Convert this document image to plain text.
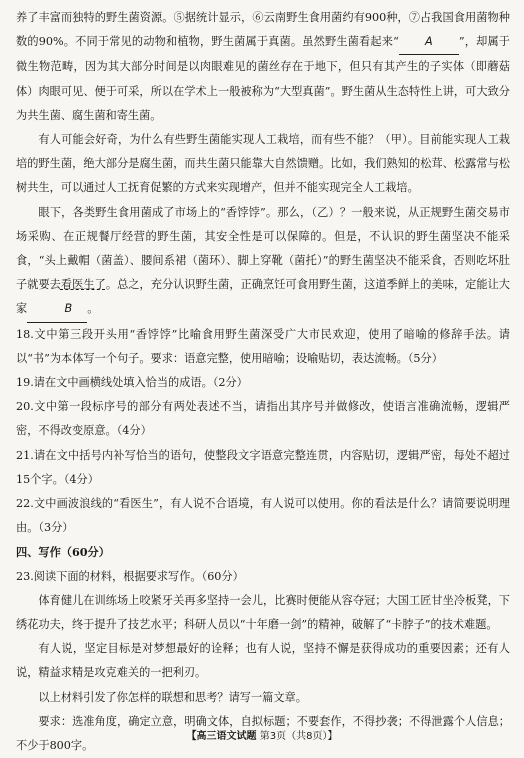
养了丰富而独特的野生菌资源。⑤据统计显示，⑥云南野生食用菌约有900种，⑦占我国食用菌物种数的90%。不同于常见的动物和植物，野生菌属于真菌。虽然野生菌看起来“ A ”，却属于微生物范畴，因为其大部分时间是以肉眼难见的菌丝存在于地下，但只有其产生的子实体（即蘑菇体）肉眼可见、便于可采，所以在学术上一般被称为“大型真菌”。野生菌从生态特性上讲，可大致分为共生菌、腐生菌和寄生菌。

有人可能会好奇，为什么有些野生菌能实现人工栽培，而有些不能？（甲）。目前能实现人工栽培的野生菌，绝大部分是腐生菌，而共生菌只能靠大自然馈赠。比如，我们熟知的松茸、松露常与松树共生，可以通过人工抚育促繁的方式来实现增产，但并不能实现完全人工栽培。

眼下，各类野生食用菌成了市场上的“香饽饽”。那么，（乙）？一般来说，从正规野生菌交易市场采购、在正规餐厅经营的野生菌，其安全性是可以保障的。但是，不认识的野生菌坚决不能采食，“头上戴帽（菌盖）、腰间系裙（菌环）、脚上穿靴（菌托）”的野生菌坚决不能采食，否则吃坏肚子就要去看医生了。总之，充分认识野生菌，正确烹饪可食用野生菌，这道季鲜上的美味，定能让大家	B 。

18.文中第三段开头用“香饽饽”比喻食用野生菌深受广大市民欢迎，使用了暗喻的修辞手法。请以“书”为本体写一个句子。要求：语意完整，使用暗喻；设喻贴切，表达流畅。（5分）

19.请在文中画横线处填入恰当的成语。（2分）

20.文中第一段标序号的部分有两处表述不当，请指出其序号并做修改，使语言准确流畅，逻辑严密，不得改变原意。（4分）

21.请在文中括号内补写恰当的语句，使整段文字语意完整连贯，内容贴切，逻辑严密，每处不超过15个字。（4分）

22.文中画波浪线的“看医生”，有人说不合语境，有人说可以使用。你的看法是什么？请简要说明理由。（3分）

四、写作（60分）

23.阅读下面的材料，根据要求写作。（60分）

体育健儿在训练场上咬紧牙关再多坚持一会儿，比赛时便能从容夺冠；大国工匠甘坐冷板凳，下绣花功夫，终于提升了技艺水平；科研人员以“十年磨一剑”的精神，破解了“卡脖子”的技术难题。

有人说，坚定目标是对梦想最好的诠释；也有人说，坚持不懈是获得成功的重要因素；还有人说，精益求精是攻克难关的一把利刃。

以上材料引发了你怎样的联想和思考？请写一篇文章。

要求：选准角度，确定立意，明确文体，自拟标题；不要套作，不得抄袭；不得泄露个人信息；不少于800字。

【高三语文试题 第3页（共8页）】
